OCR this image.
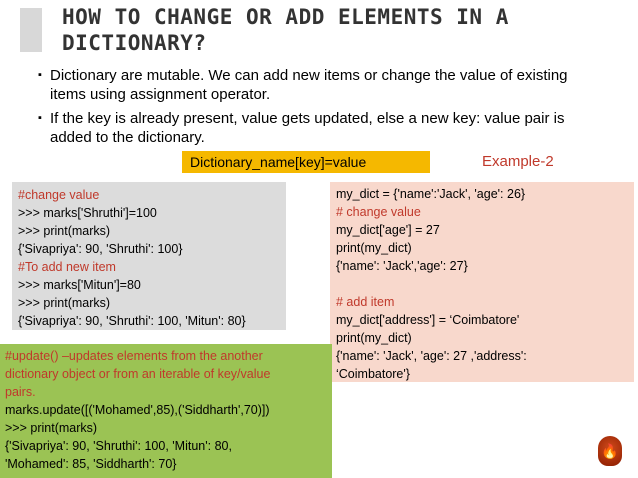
HOW TO CHANGE OR ADD ELEMENTS IN A DICTIONARY?
▪ Dictionary are mutable. We can add new items or change the value of existing items using assignment operator.
▪ If the key is already present, value gets updated, else a new key: value pair is added to the dictionary.
Dictionary_name[key]=value	Example-2
#change value
>>> marks['Shruthi']=100
>>> print(marks)
{'Sivapriya': 90, 'Shruthi': 100}
#To add new item
>>> marks['Mitun']=80
>>> print(marks)
{'Sivapriya': 90, 'Shruthi': 100, 'Mitun': 80}
my_dict = {'name':'Jack', 'age': 26}
# change value
my_dict['age'] = 27
print(my_dict)
{'name': 'Jack','age': 27}
# add item
my_dict['address'] = ‘Coimbatore'
print(my_dict)
{'name': 'Jack', 'age': 27 ,'address':
‘Coimbatore'}
#update() –updates elements from the another
dictionary object or from an iterable of key/value
pairs.
marks.update([('Mohamed',85),('Siddharth',70)])
>>> print(marks)
{'Sivapriya': 90, 'Shruthi': 100, 'Mitun': 80,
'Mohamed': 85, 'Siddharth': 70}
🔥
